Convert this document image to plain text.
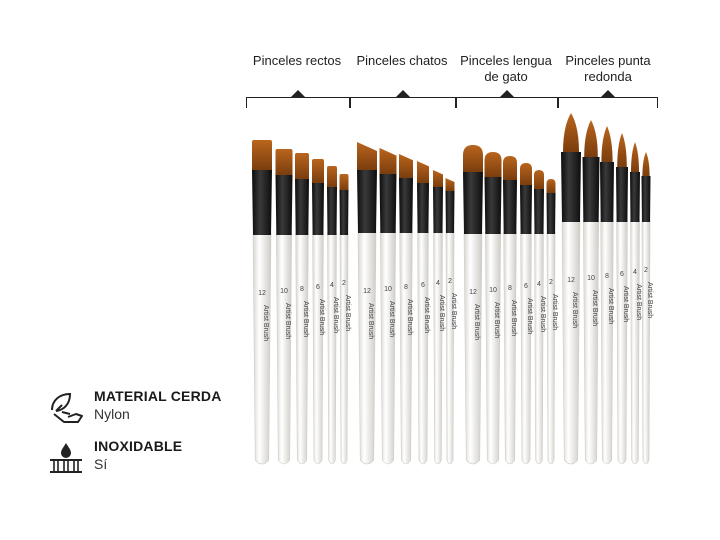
Pinceles rectos	Pinceles chatos Pinceles lengua de gato
Pinceles punta redonda
12
Artist Brush
10
Artist Brush
8
Artist Brush
6
Artist Brush
4
Artist Brush
2
Artist Brush
12
Artist Brush
10
Artist Brush
8
Artist Brush
6
Artist Brush
4
Artist Brush
2
Artist Brush
12
Artist Brush
10
Artist Brush
8
Artist Brush
6
Artist Brush
4
Artist Brush
2
Artist Brush
12
Artist Brush
10
Artist Brush
8
Artist Brush
6
Artist Brush
4
Artist Brush
2
Artist Brush
MATERIAL CERDA
Nylon
INOXIDABLE
Sí
